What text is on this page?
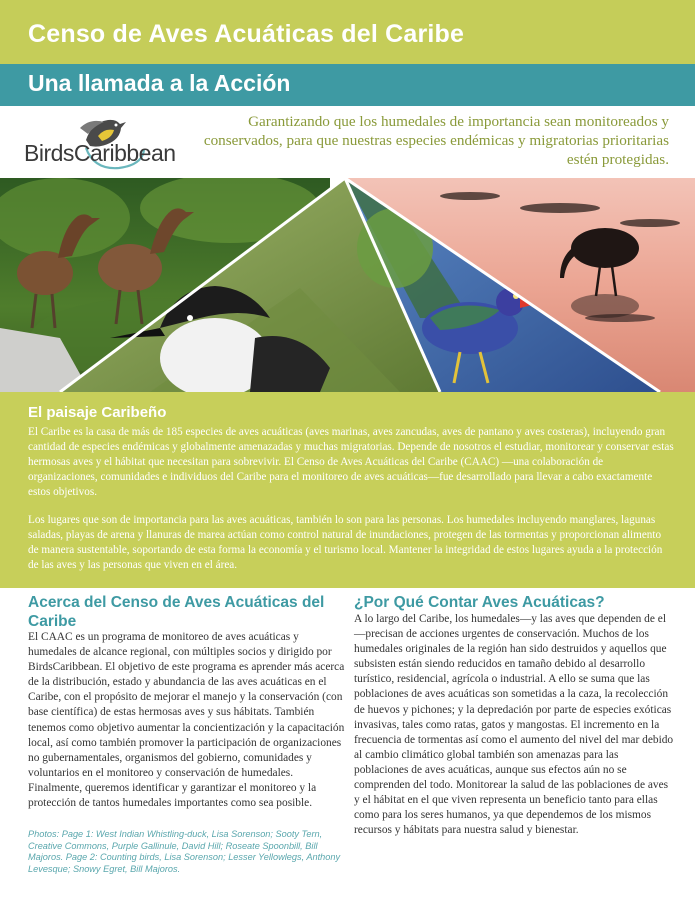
Censo de Aves Acuáticas del Caribe
Una llamada a la Acción
BirdsCaribbean
Garantizando que los humedales de importancia sean monitoreados y conservados, para que nuestras especies endémicas y migratorias prioritarias estén protegidas.
El paisaje Caribeño

El Caribe es la casa de más de 185 especies de aves acuáticas (aves marinas, aves zancudas, aves de pantano y aves costeras), incluyendo gran cantidad de especies endémicas y globalmente amenazadas y muchas migratorias. Depende de nosotros el estudiar, monitorear y conservar estas hermosas aves y el hábitat que necesitan para sobrevivir. El Censo de Aves Acuáticas del Caribe (CAAC) —una colaboración de organizaciones, comunidades e individuos del Caribe para el monitoreo de aves acuáticas—fue desarrollado para llevar a cabo exactamente estos objetivos.

Los lugares que son de importancia para las aves acuáticas, también lo son para las personas. Los humedales incluyendo manglares, lagunas saladas, playas de arena y llanuras de marea actúan como control natural de inundaciones, protegen de las tormentas y proporcionan alimento de manera sustentable, soportando de esta forma la economía y el turismo local. Mantener la integridad de estos lugares ayuda a la protección de las aves y las personas que viven en el área.

Acerca del Censo de Aves Acuáticas del Caribe

El CAAC es un programa de monitoreo de aves acuáticas y humedales de alcance regional, con múltiples socios y dirigido por BirdsCaribbean. El objetivo de este programa es aprender más acerca de la distribución, estado y abundancia de las aves acuáticas en el Caribe, con el propósito de mejorar el manejo y la conservación (con base científica) de estas hermosas aves y sus hábitats. También tenemos como objetivo aumentar la concientización y la capacitación local, así como también promover la participación de organizaciones no gubernamentales, organismos del gobierno, comunidades y voluntarios en el monitoreo y conservación de humedales. Finalmente, queremos identificar y garantizar el monitoreo y la protección de tantos humedales importantes como sea posible.

Photos: Page 1: West Indian Whistling-duck, Lisa Sorenson; Sooty Tern, Creative Commons, Purple Gallinule, David Hill; Roseate Spoonbill, Bill Majoros. Page 2: Counting birds, Lisa Sorenson; Lesser Yellowlegs, Anthony Levesque; Snowy Egret, Bill Majoros.

¿Por Qué Contar Aves Acuáticas?

A lo largo del Caribe, los humedales—y las aves que dependen de el—precisan de acciones urgentes de conservación. Muchos de los humedales originales de la región han sido destruidos y aquellos que subsisten están siendo reducidos en tamaño debido al desarrollo turístico, residencial, agrícola o industrial. A ello se suma que las poblaciones de aves acuáticas son sometidas a la caza, la recolección de huevos y pichones; y la depredación por parte de especies exóticas invasivas, tales como ratas, gatos y mangostas. El incremento en la frecuencia de tormentas así como el aumento del nivel del mar debido al cambio climático global también son amenazas para las poblaciones de aves acuáticas, aunque sus efectos aún no se comprenden del todo. Monitorear la salud de las poblaciones de aves y el hábitat en el que viven representa un beneficio tanto para ellas como para los seres humanos, ya que dependemos de los mismos recursos y hábitats para nuestra salud y bienestar.
